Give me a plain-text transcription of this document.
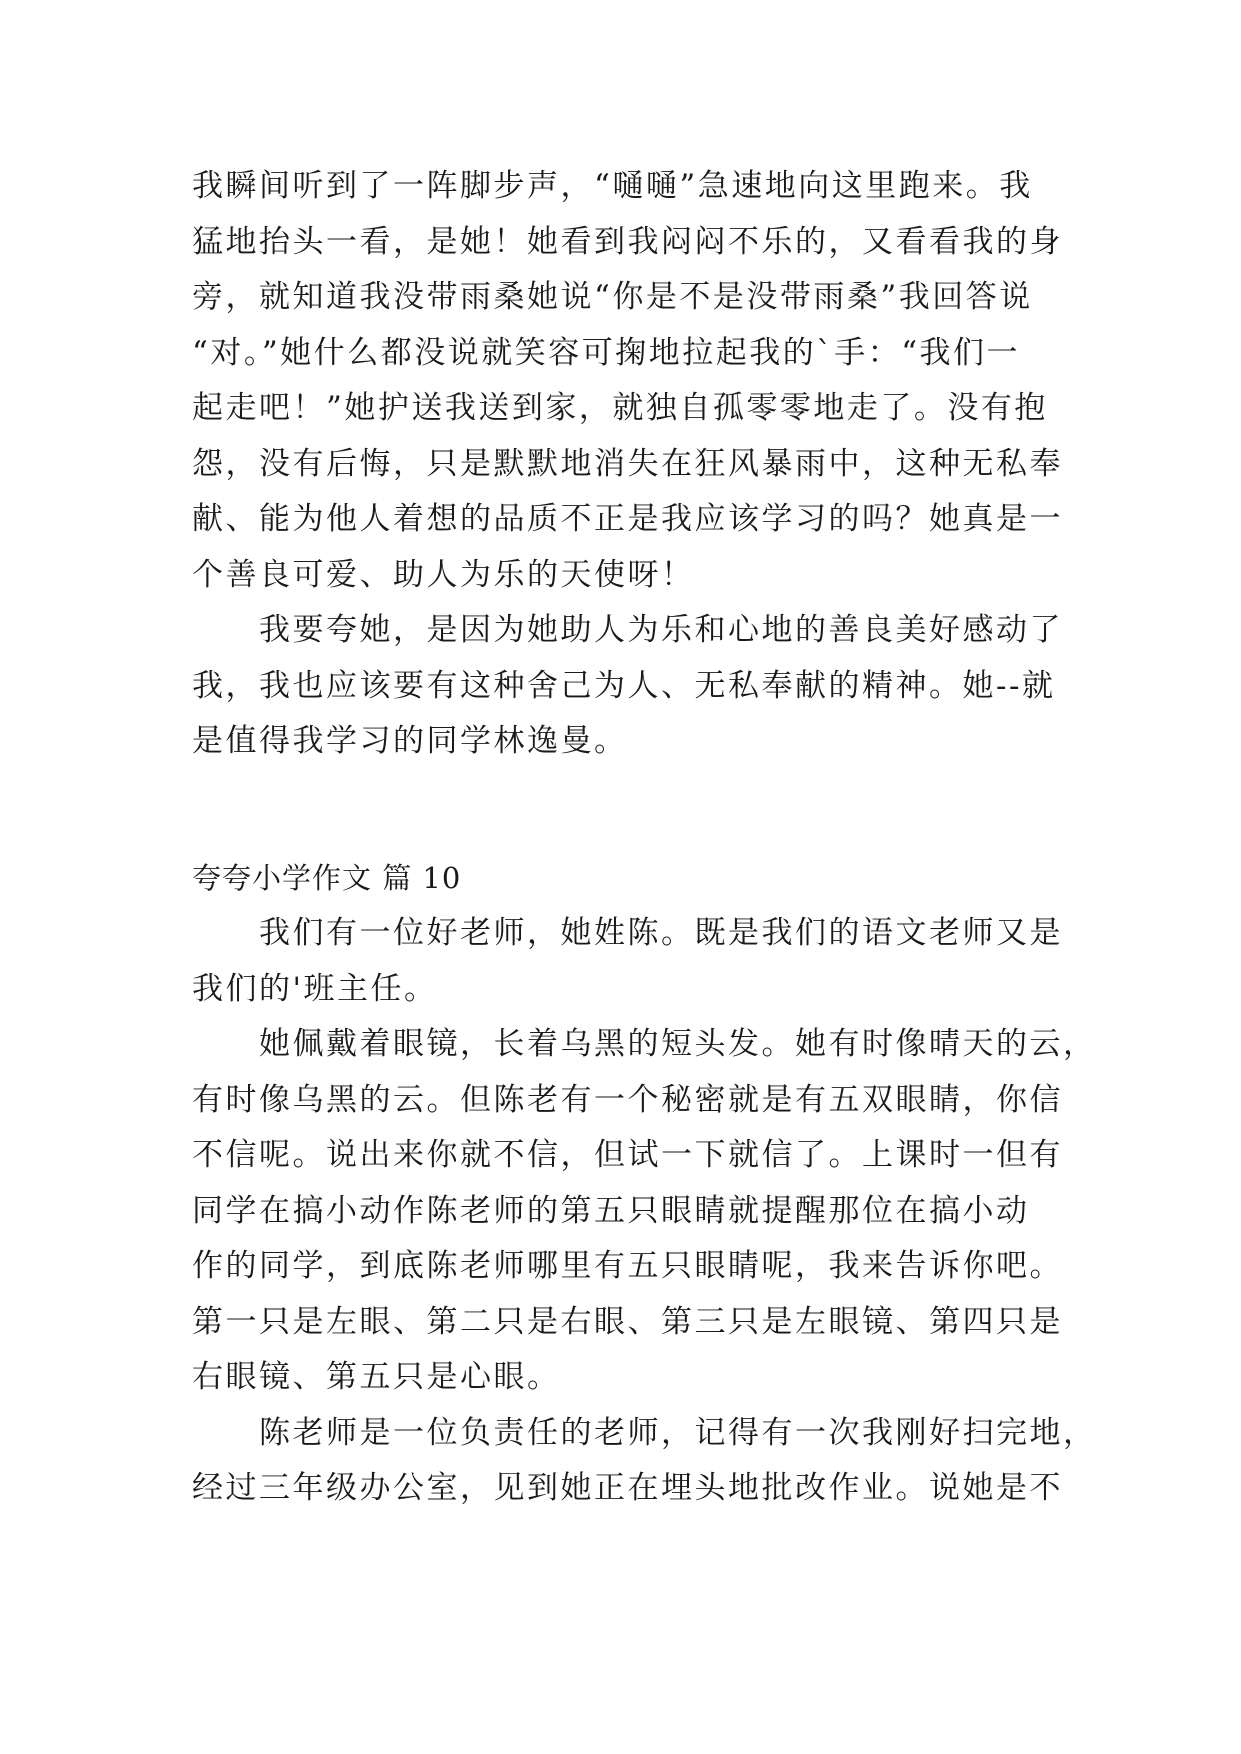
我瞬间听到了一阵脚步声，“嗵嗵”急速地向这里跑来。我
猛地抬头一看，是她！她看到我闷闷不乐的，又看看我的身
旁，就知道我没带雨桑她说“你是不是没带雨桑”我回答说
“对。”她什么都没说就笑容可掬地拉起我的`手：“我们一
起走吧！”她护送我送到家，就独自孤零零地走了。没有抱
怨，没有后悔，只是默默地消失在狂风暴雨中，这种无私奉
献、能为他人着想的品质不正是我应该学习的吗？她真是一
个善良可爱、助人为乐的天使呀！
　　我要夸她，是因为她助人为乐和心地的善良美好感动了
我，我也应该要有这种舍己为人、无私奉献的精神。她--就
是值得我学习的同学林逸曼。
夸夸小学作文 篇 10
　　我们有一位好老师，她姓陈。既是我们的语文老师又是
我们的'班主任。
　　她佩戴着眼镜，长着乌黑的短头发。她有时像晴天的云，
有时像乌黑的云。但陈老有一个秘密就是有五双眼睛，你信
不信呢。说出来你就不信，但试一下就信了。上课时一但有
同学在搞小动作陈老师的第五只眼睛就提醒那位在搞小动
作的同学，到底陈老师哪里有五只眼睛呢，我来告诉你吧。
第一只是左眼、第二只是右眼、第三只是左眼镜、第四只是
右眼镜、第五只是心眼。
　　陈老师是一位负责任的老师，记得有一次我刚好扫完地，
经过三年级办公室，见到她正在埋头地批改作业。说她是不
